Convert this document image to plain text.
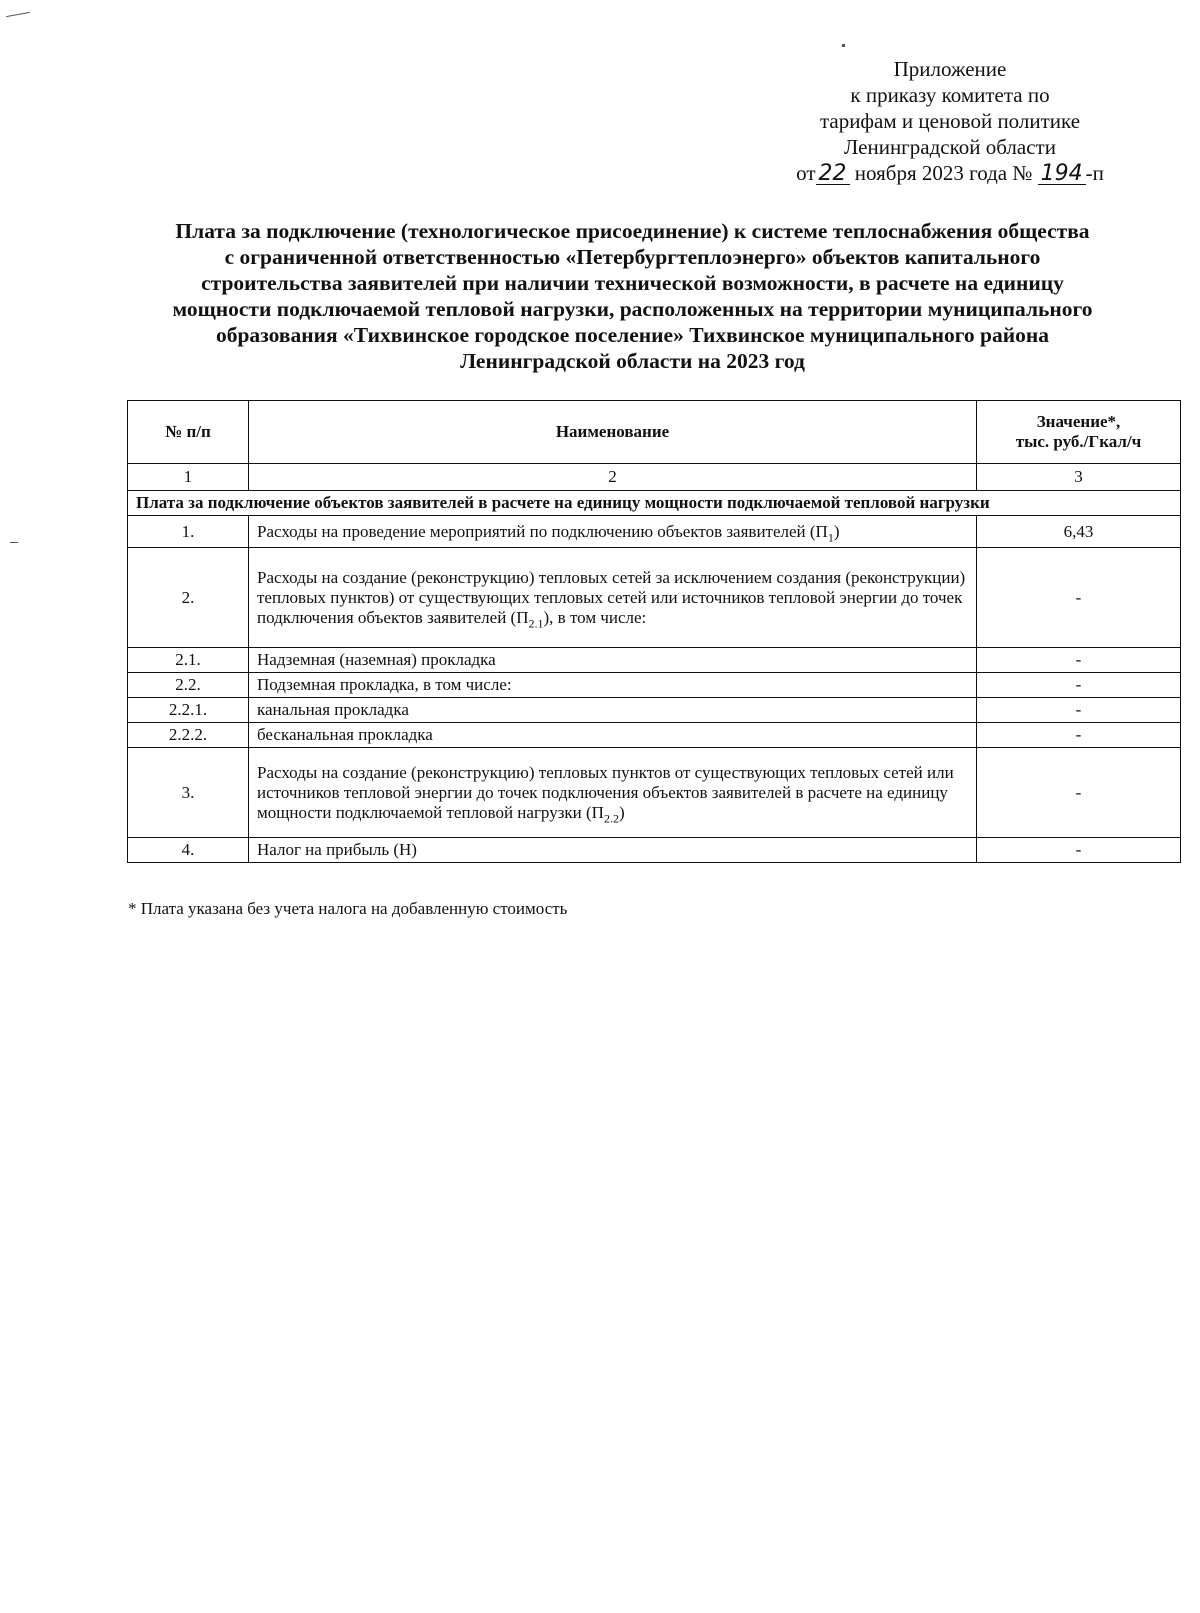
Приложение
к приказу комитета по
тарифам и ценовой политике
Ленинградской области
от 22 ноября 2023 года № 194 -п
Плата за подключение (технологическое присоединение) к системе теплоснабжения общества
с ограниченной ответственностью «Петербургтеплоэнерго» объектов капитального
строительства заявителей при наличии технической возможности, в расчете на единицу
мощности подключаемой тепловой нагрузки, расположенных на территории муниципального
образования «Тихвинское городское поселение» Тихвинское муниципального района
Ленинградской области на 2023 год
№ п/п	Наименование	Значение*,
тыс. руб./Гкал/ч
1	2	3
Плата за подключение объектов заявителей в расчете на единицу мощности подключаемой тепловой нагрузки		
1.	Расходы на проведение мероприятий по подключению объектов заявителей $(П_1)$	6,43
2.	Расходы на создание (реконструкцию) тепловых сетей за исключением создания (реконструкции) тепловых пунктов) от существующих тепловых сетей или источников тепловой энергии до точек подключения объектов заявителей $(П_{2.1})$, в том числе:	-
2.1.	Надземная (наземная) прокладка	-
2.2.	Подземная прокладка, в том числе:	-
2.2.1.	канальная прокладка	-
2.2.2.	бесканальная прокладка	-
3.	Расходы на создание (реконструкцию) тепловых пунктов от существующих тепловых сетей или источников тепловой энергии до точек подключения объектов заявителей в расчете на единицу мощности подключаемой тепловой нагрузки $(П_{2.2})$	-
4.	Налог на прибыль (Н)	-
* Плата указана без учета налога на добавленную стоимость
